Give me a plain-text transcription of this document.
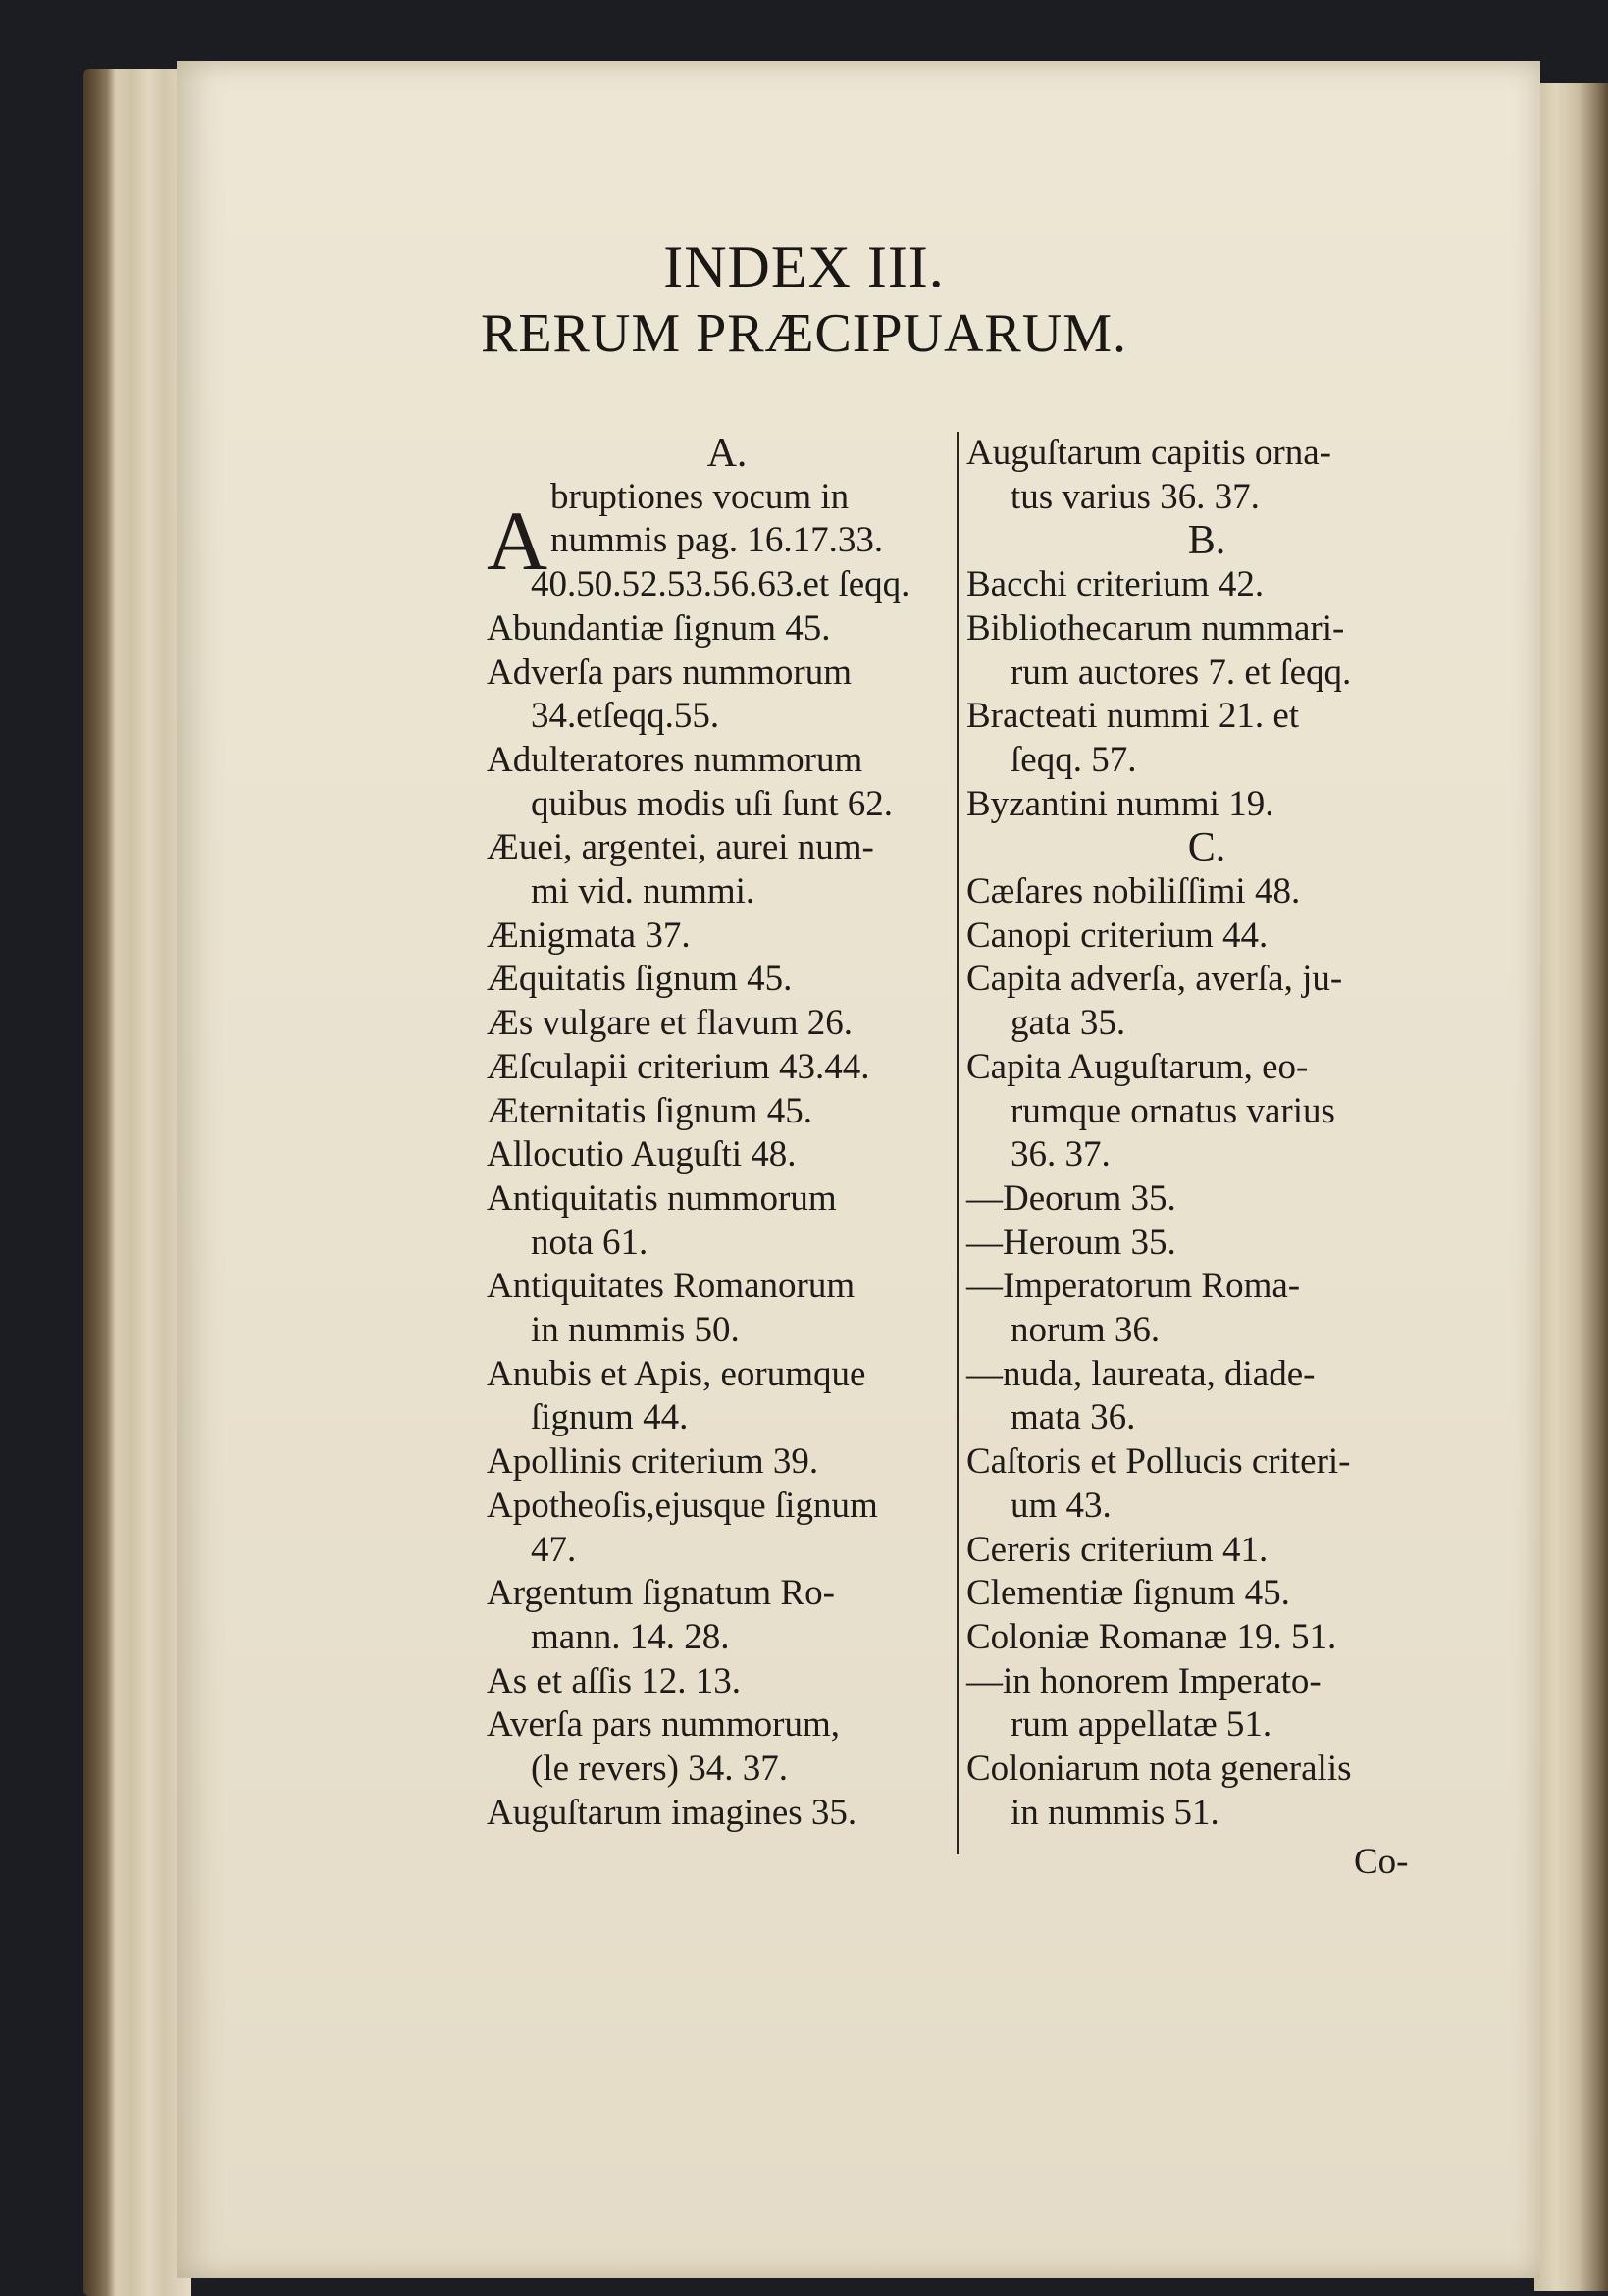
INDEX III.
RERUM PRÆCIPUARUM.
A
A.
bruptiones vocum in
nummis pag. 16.17.33.
40.50.52.53.56.63.et ſeqq.
Abundantiæ ſignum 45.
Adverſa pars nummorum
34.etſeqq.55.
Adulteratores nummorum
quibus modis uſi ſunt 62.
Æuei, argentei, aurei num-
mi vid. nummi.
Ænigmata 37.
Æquitatis ſignum 45.
Æs vulgare et flavum 26.
Æſculapii criterium 43.44.
Æternitatis ſignum 45.
Allocutio Auguſti 48.
Antiquitatis nummorum
nota 61.
Antiquitates Romanorum
in nummis 50.
Anubis et Apis, eorumque
ſignum 44.
Apollinis criterium 39.
Apotheoſis,ejusque ſignum
47.
Argentum ſignatum Ro-
mann. 14. 28.
As et aſſis 12. 13.
Averſa pars nummorum,
(le revers) 34. 37.
Auguſtarum imagines 35.
Auguſtarum capitis orna-
tus varius 36. 37.
B.
Bacchi criterium 42.
Bibliothecarum nummari-
rum auctores 7. et ſeqq.
Bracteati nummi 21. et
ſeqq. 57.
Byzantini nummi 19.
C.
Cæſares nobiliſſimi 48.
Canopi criterium 44.
Capita adverſa, averſa, ju-
gata 35.
Capita Auguſtarum, eo-
rumque ornatus varius
36. 37.
—Deorum 35.
—Heroum 35.
—Imperatorum Roma-
norum 36.
—nuda, laureata, diade-
mata 36.
Caſtoris et Pollucis criteri-
um 43.
Cereris criterium 41.
Clementiæ ſignum 45.
Coloniæ Romanæ 19. 51.
—in honorem Imperato-
rum appellatæ 51.
Coloniarum nota generalis
in nummis 51.
Co-
